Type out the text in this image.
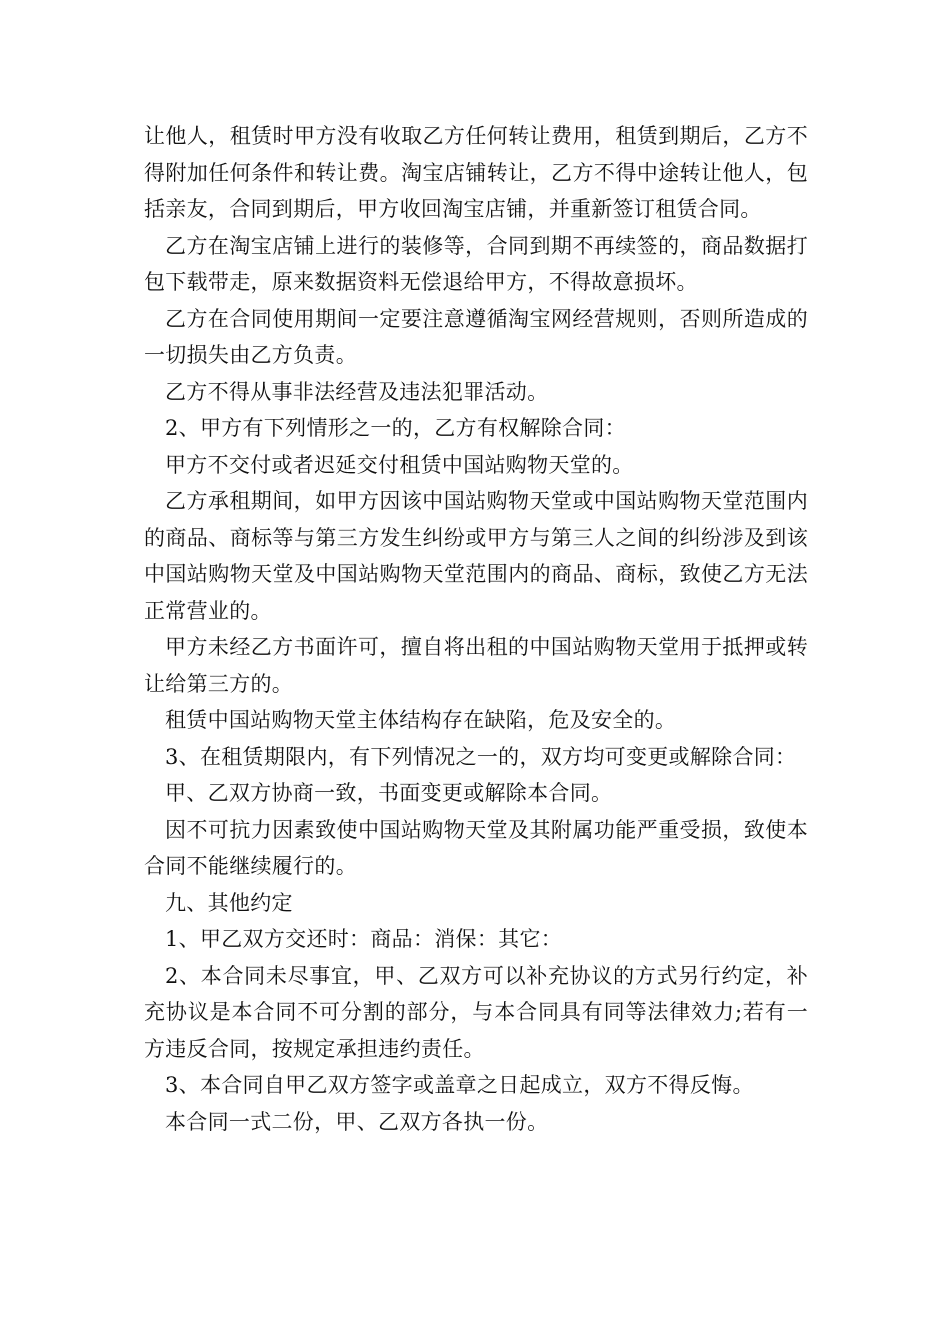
让他人，租赁时甲方没有收取乙方任何转让费用，租赁到期后，乙方不得附加任何条件和转让费。淘宝店铺转让，乙方不得中途转让他人，包括亲友，合同到期后，甲方收回淘宝店铺，并重新签订租赁合同。

乙方在淘宝店铺上进行的装修等，合同到期不再续签的，商品数据打包下载带走，原来数据资料无偿退给甲方，不得故意损坏。

乙方在合同使用期间一定要注意遵循淘宝网经营规则，否则所造成的一切损失由乙方负责。

乙方不得从事非法经营及违法犯罪活动。

2、甲方有下列情形之一的，乙方有权解除合同：

甲方不交付或者迟延交付租赁中国站购物天堂的。

乙方承租期间，如甲方因该中国站购物天堂或中国站购物天堂范围内的商品、商标等与第三方发生纠纷或甲方与第三人之间的纠纷涉及到该中国站购物天堂及中国站购物天堂范围内的商品、商标，致使乙方无法正常营业的。

甲方未经乙方书面许可，擅自将出租的中国站购物天堂用于抵押或转让给第三方的。

租赁中国站购物天堂主体结构存在缺陷，危及安全的。

3、在租赁期限内，有下列情况之一的，双方均可变更或解除合同：

甲、乙双方协商一致，书面变更或解除本合同。

因不可抗力因素致使中国站购物天堂及其附属功能严重受损，致使本合同不能继续履行的。

九、其他约定

1、甲乙双方交还时：商品：消保：其它：

2、本合同未尽事宜，甲、乙双方可以补充协议的方式另行约定，补充协议是本合同不可分割的部分，与本合同具有同等法律效力;若有一方违反合同，按规定承担违约责任。

3、本合同自甲乙双方签字或盖章之日起成立，双方不得反悔。

本合同一式二份，甲、乙双方各执一份。
